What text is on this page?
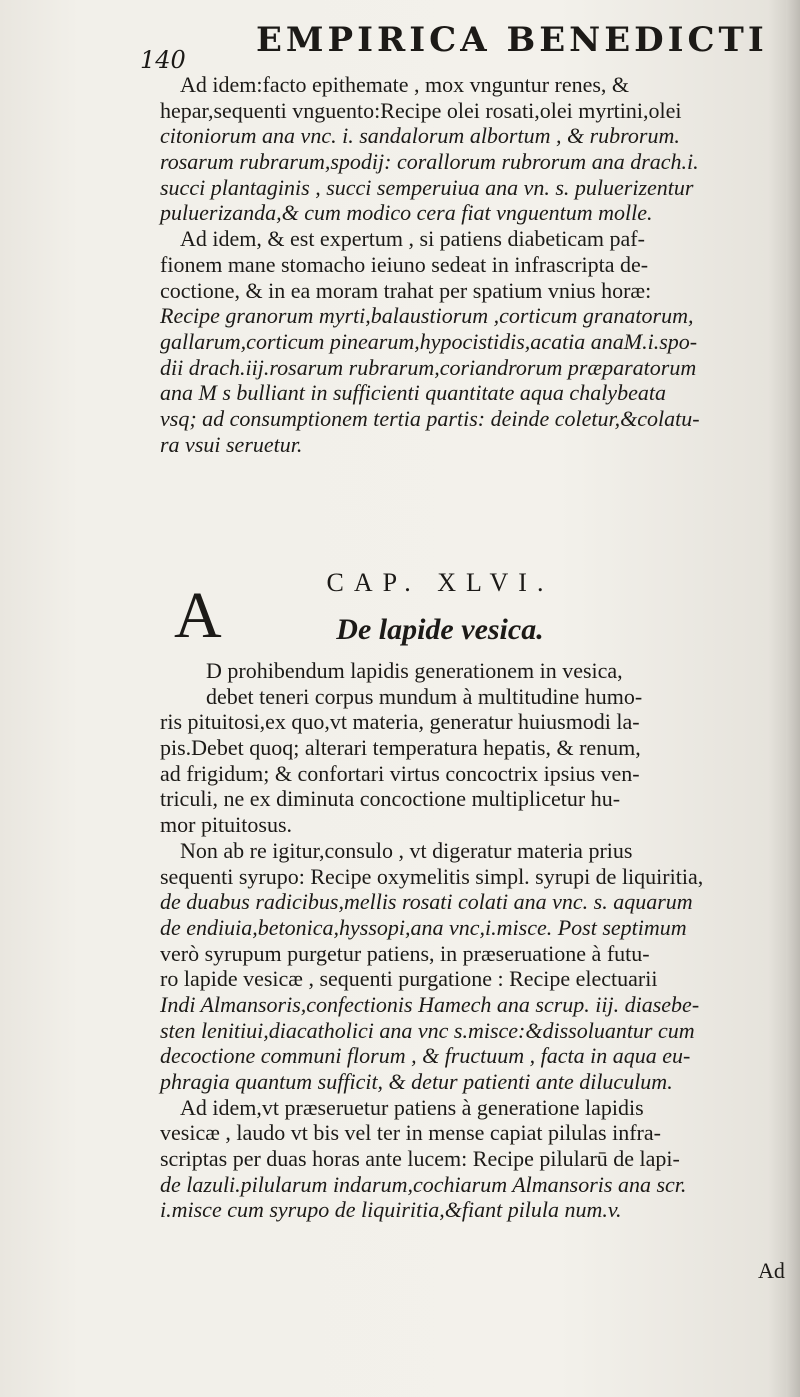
140 EMPIRICA BENEDICTI
Ad idem:facto epithemate , mox vnguntur renes, &
hepar,sequenti vnguento:Recipe olei rosati,olei myrtini,olei
citoniorum ana vnc. i. sandalorum albortum , & rubrorum.
rosarum rubrarum,spodij: corallorum rubrorum ana drach.i.
succi plantaginis , succi semperuiua ana vn. s. puluerizentur
puluerizanda,& cum modico cera fiat vnguentum molle.
Ad idem, & est expertum , si patiens diabeticam paf-
fionem mane stomacho ieiuno sedeat in infrascripta de-
coctione, & in ea moram trahat per spatium vnius horæ:
Recipe granorum myrti,balaustiorum ,corticum granatorum,
gallarum,corticum pinearum,hypocistidis,acatia anaM.i.spo-
dii drach.iij.rosarum rubrarum,coriandrorum præparatorum
ana M s bulliant in sufficienti quantitate aqua chalybeata
vsq; ad consumptionem tertia partis: deinde coletur,&colatu-
ra vsui seruetur.
CAP. XLVI.
De lapide vesica.
D prohibendum lapidis generationem in vesica,
debet teneri corpus mundum à multitudine humo-
ris pituitosi,ex quo,vt materia, generatur huiusmodi la-
pis.Debet quoq; alterari temperatura hepatis, & renum,
ad frigidum; & confortari virtus concoctrix ipsius ven-
triculi, ne ex diminuta concoctione multiplicetur hu-
mor pituitosus.
Non ab re igitur,consulo , vt digeratur materia prius
sequenti syrupo: Recipe oxymelitis simpl. syrupi de liquiritia,
de duabus radicibus,mellis rosati colati ana vnc. s. aquarum
de endiuia,betonica,hyssopi,ana vnc,i.misce. Post septimum
verò syrupum purgetur patiens, in præseruatione à futu-
ro lapide vesicæ , sequenti purgatione : Recipe electuarii
Indi Almansoris,confectionis Hamech ana scrup. iij. diasebe-
sten lenitiui,diacatholici ana vnc s.misce:&dissoluantur cum
decoctione communi florum , & fructuum , facta in aqua eu-
phragia quantum sufficit, & detur patienti ante diluculum.
Ad idem,vt præseruetur patiens à generatione lapidis
vesicæ , laudo vt bis vel ter in mense capiat pilulas infra-
scriptas per duas horas ante lucem: Recipe pilularū de lapi-
de lazuli.pilularum indarum,cochiarum Almansoris ana scr.
i.misce cum syrupo de liquiritia,&fiant pilula num.v.
A
Ad
